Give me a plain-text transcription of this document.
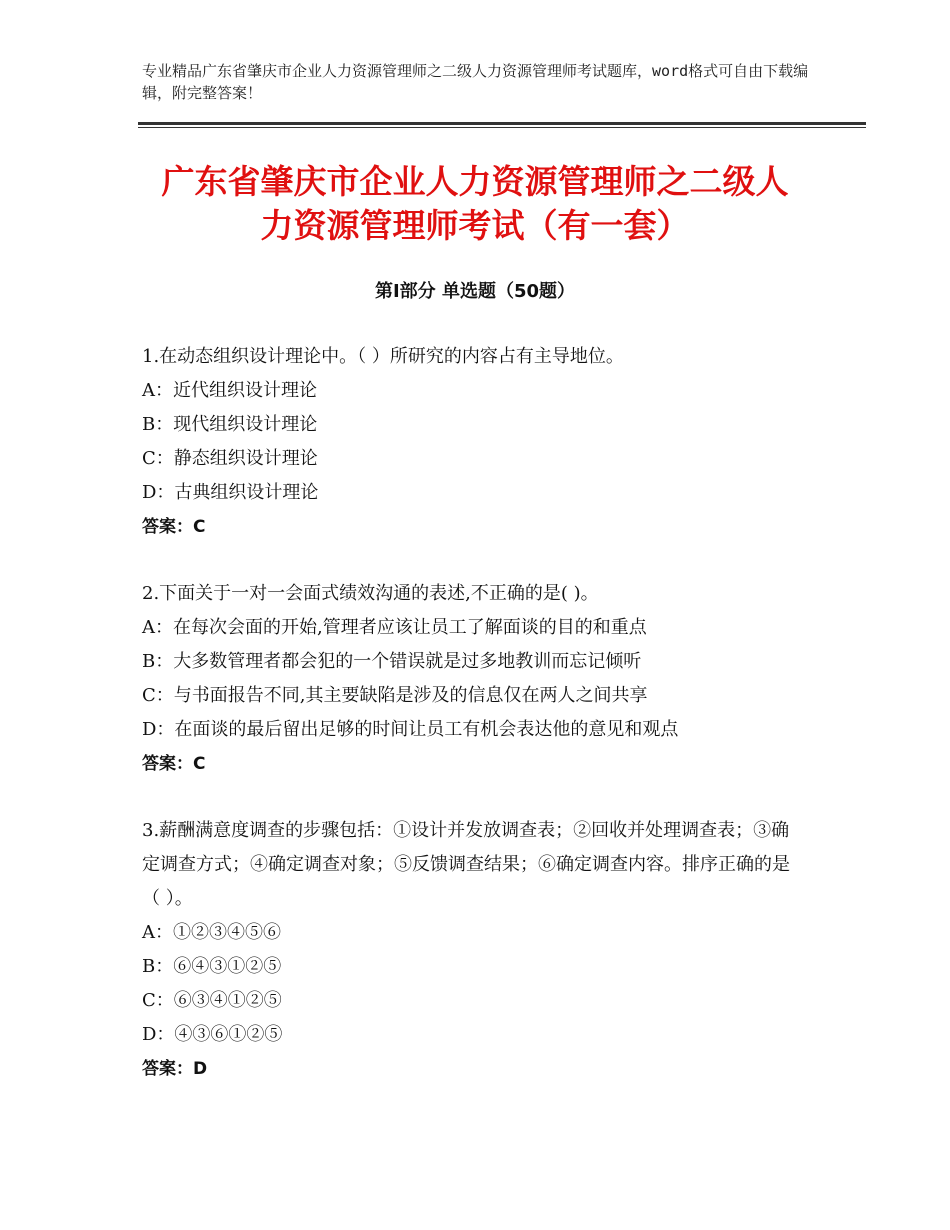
专业精品广东省肇庆市企业人力资源管理师之二级人力资源管理师考试题库，word格式可自由下载编辑，附完整答案！
广东省肇庆市企业人力资源管理师之二级人
力资源管理师考试（有一套）
第Ⅰ部分 单选题（50题）
1.在动态组织设计理论中。（ ）所研究的内容占有主导地位。
A：近代组织设计理论
B：现代组织设计理论
C：静态组织设计理论
D：古典组织设计理论
答案：C
2.下面关于一对一会面式绩效沟通的表述,不正确的是( )。
A：在每次会面的开始,管理者应该让员工了解面谈的目的和重点
B：大多数管理者都会犯的一个错误就是过多地教训而忘记倾听
C：与书面报告不同,其主要缺陷是涉及的信息仅在两人之间共享
D：在面谈的最后留出足够的时间让员工有机会表达他的意见和观点
答案：C
3.薪酬满意度调查的步骤包括：①设计并发放调查表；②回收并处理调查表；③确定调查方式；④确定调查对象；⑤反馈调查结果；⑥确定调查内容。排序正确的是（ ）。
A：①②③④⑤⑥
B：⑥④③①②⑤
C：⑥③④①②⑤
D：④③⑥①②⑤
答案：D
